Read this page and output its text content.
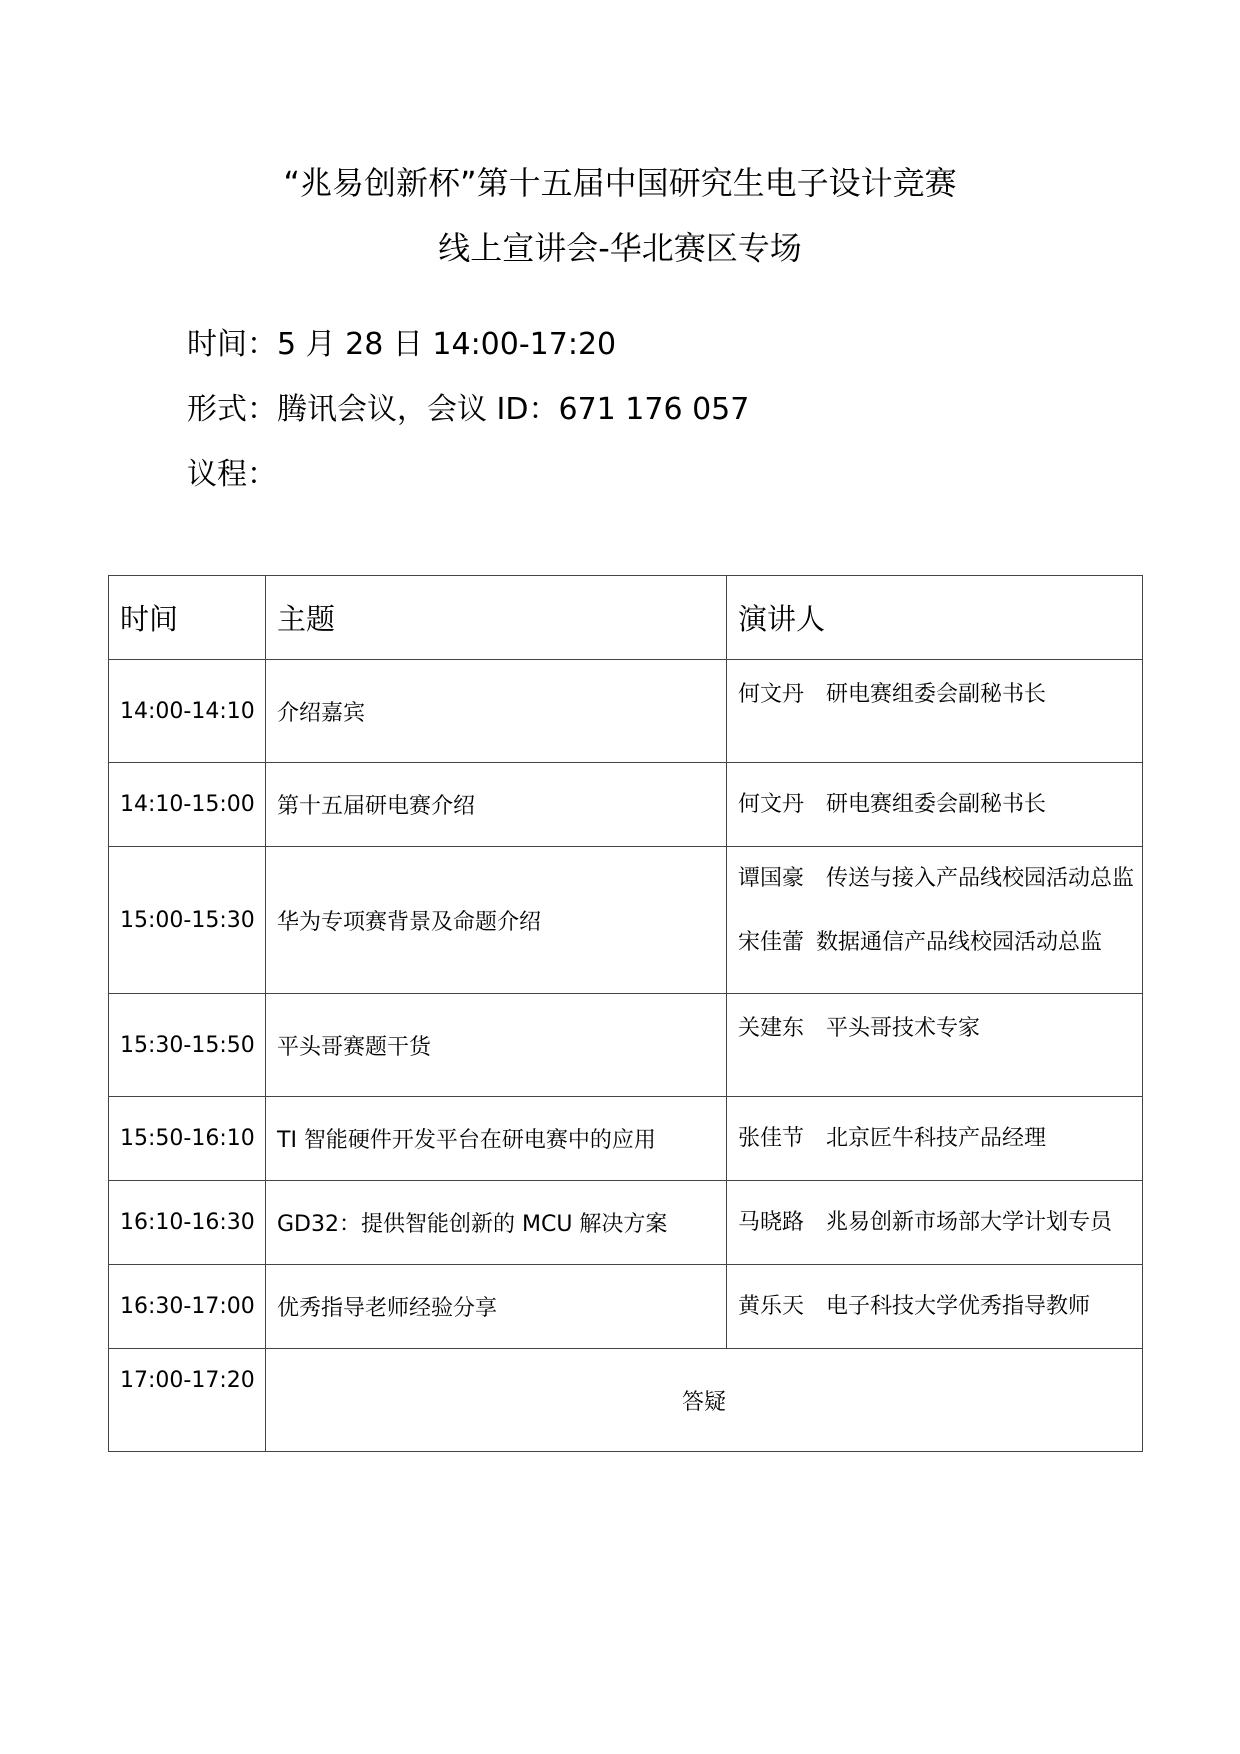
“兆易创新杯”第十五届中国研究生电子设计竞赛
线上宣讲会-华北赛区专场
时间：5 月 28 日 14:00-17:20
形式：腾讯会议，会议 ID：671 176 057
议程：
时间	主题	演讲人
14:00-14:10	介绍嘉宾	何文丹 研电赛组委会副秘书长

14:10-15:00	第十五届研电赛介绍	何文丹 研电赛组委会副秘书长

15:00-15:30	华为专项赛背景及命题介绍	谭国豪 传送与接入产品线校园活动总监
宋佳蕾 数据通信产品线校园活动总监

15:30-15:50	平头哥赛题干货	关建东 平头哥技术专家

15:50-16:10	TI 智能硬件开发平台在研电赛中的应用	张佳节 北京匠牛科技产品经理

16:10-16:30	GD32：提供智能创新的 MCU 解决方案	马晓路 兆易创新市场部大学计划专员

16:30-17:00	优秀指导老师经验分享	黄乐天 电子科技大学优秀指导教师

17:00-17:20	答疑	
